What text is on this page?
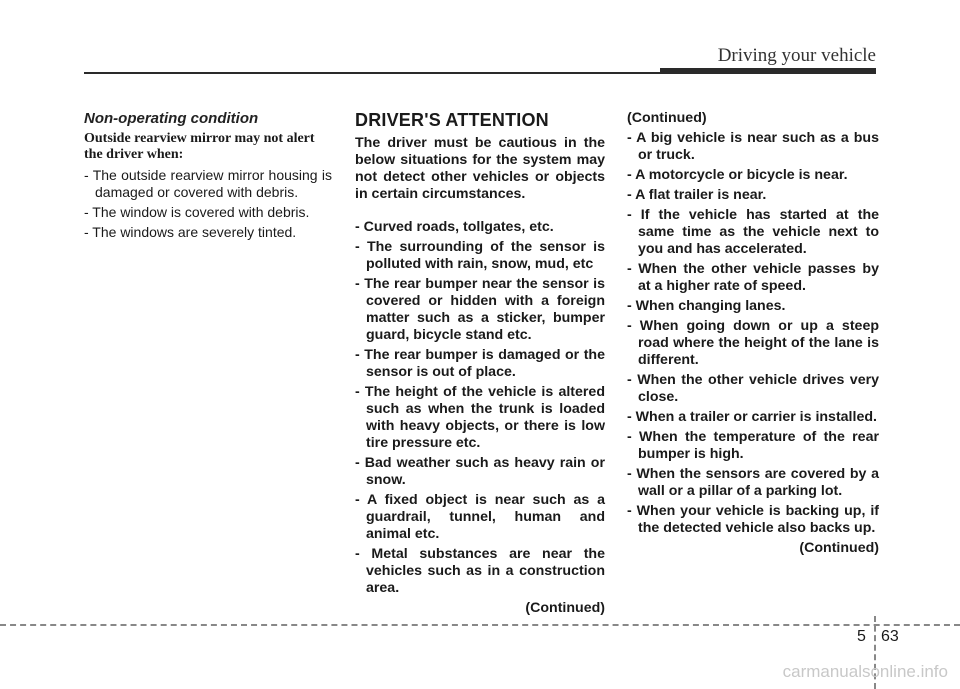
Driving your vehicle
Non-operating condition
Outside rearview mirror may not alert the driver when:
- The outside rearview mirror housing is damaged or covered with debris.
- The window is covered with debris.
- The windows are severely tinted.
DRIVER'S ATTENTION
The driver must be cautious in the below situations for the system may not detect other vehicles or objects in certain circumstances.
- Curved roads, tollgates, etc.
- The surrounding of the sensor is polluted with rain, snow, mud, etc
- The rear bumper near the sensor is covered or hidden with a foreign matter such as a sticker, bumper guard, bicycle stand etc.
- The rear bumper is damaged or the sensor is out of place.
- The height of the vehicle is altered such as when the trunk is loaded with heavy objects, or there is low tire pressure etc.
- Bad weather such as heavy rain or snow.
- A fixed object is near such as a guardrail, tunnel, human and animal etc.
- Metal substances are near the vehicles such as in a construction area.
(Continued)
(Continued)
- A big vehicle is near such as a bus or truck.
- A motorcycle or bicycle is near.
- A flat trailer is near.
- If the vehicle has started at the same time as the vehicle next to you and has accelerated.
- When the other vehicle passes by at a higher rate of speed.
- When changing lanes.
- When going down or up a steep road where the height of the lane is different.
- When the other vehicle drives very close.
- When a trailer or carrier is installed.
- When the temperature of the rear bumper is high.
- When the sensors are covered by a wall or a pillar of a parking lot.
- When your vehicle is backing up, if the detected vehicle also backs up.
(Continued)
5 63
carmanualsonline.info
